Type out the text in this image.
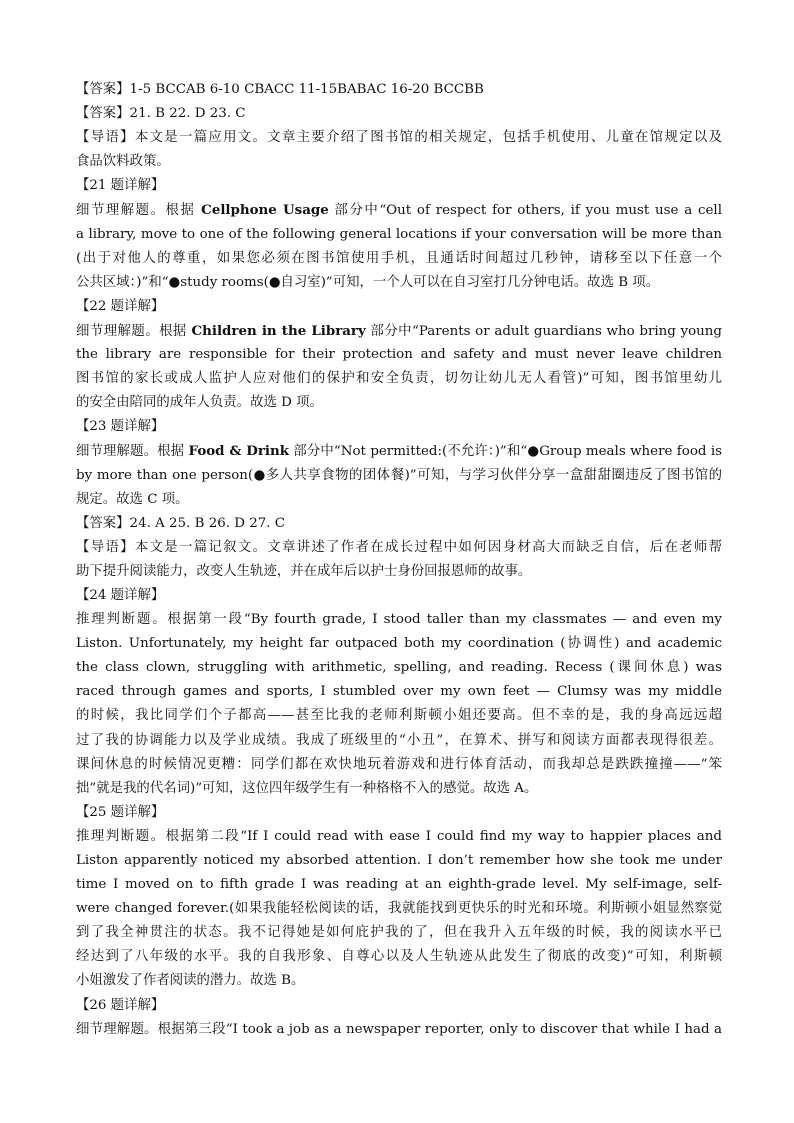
【答案】1-5 BCCAB 6-10 CBACC 11-15BABAC 16-20 BCCBB
【答案】21. B 22. D 23. C
【导语】本文是一篇应用文。文章主要介绍了图书馆的相关规定，包括手机使用、儿童在馆规定以及
食品饮料政策。
【21 题详解】
细节理解题。根据 Cellphone Usage 部分中“Out of respect for others, if you must use a cell
a library, move to one of the following general locations if your conversation will be more than
(出于对他人的尊重，如果您必须在图书馆使用手机，且通话时间超过几秒钟，请移至以下任意一个
公共区域：)”和“●study rooms(●自习室)”可知，一个人可以在自习室打几分钟电话。故选 B 项。
【22 题详解】
细节理解题。根据 Children in the Library 部分中“Parents or adult guardians who bring young
the library are responsible for their protection and safety and must never leave children
图书馆的家长或成人监护人应对他们的保护和安全负责，切勿让幼儿无人看管)”可知，图书馆里幼儿
的安全由陪同的成年人负责。故选 D 项。
【23 题详解】
细节理解题。根据 Food & Drink 部分中“Not permitted:(不允许：)”和“●Group meals where food is
by more than one person(●多人共享食物的团体餐)”可知，与学习伙伴分享一盒甜甜圈违反了图书馆的
规定。故选 C 项。
【答案】24. A 25. B 26. D 27. C
【导语】本文是一篇记叙文。文章讲述了作者在成长过程中如何因身材高大而缺乏自信，后在老师帮
助下提升阅读能力，改变人生轨迹，并在成年后以护士身份回报恩师的故事。
【24 题详解】
推理判断题。根据第一段“By fourth grade, I stood taller than my classmates — and even my
Liston. Unfortunately, my height far outpaced both my coordination (协调性) and academic
the class clown, struggling with arithmetic, spelling, and reading. Recess (课间休息) was
raced through games and sports, I stumbled over my own feet — Clumsy was my middle
的时候，我比同学们个子都高——甚至比我的老师利斯顿小姐还要高。但不幸的是，我的身高远远超
过了我的协调能力以及学业成绩。我成了班级里的“小丑”，在算术、拼写和阅读方面都表现得很差。
课间休息的时候情况更糟：同学们都在欢快地玩着游戏和进行体育活动，而我却总是跌跌撞撞——“笨
拙”就是我的代名词)”可知，这位四年级学生有一种格格不入的感觉。故选 A。
【25 题详解】
推理判断题。根据第二段“If I could read with ease I could find my way to happier places and
Liston apparently noticed my absorbed attention. I don’t remember how she took me under
time I moved on to fifth grade I was reading at an eighth-grade level. My self-image, self-
were changed forever.(如果我能轻松阅读的话，我就能找到更快乐的时光和环境。利斯顿小姐显然察觉
到了我全神贯注的状态。我不记得她是如何庇护我的了，但在我升入五年级的时候，我的阅读水平已
经达到了八年级的水平。我的自我形象、自尊心以及人生轨迹从此发生了彻底的改变)”可知，利斯顿
小姐激发了作者阅读的潜力。故选 B。
【26 题详解】
细节理解题。根据第三段“I took a job as a newspaper reporter, only to discover that while I had a
